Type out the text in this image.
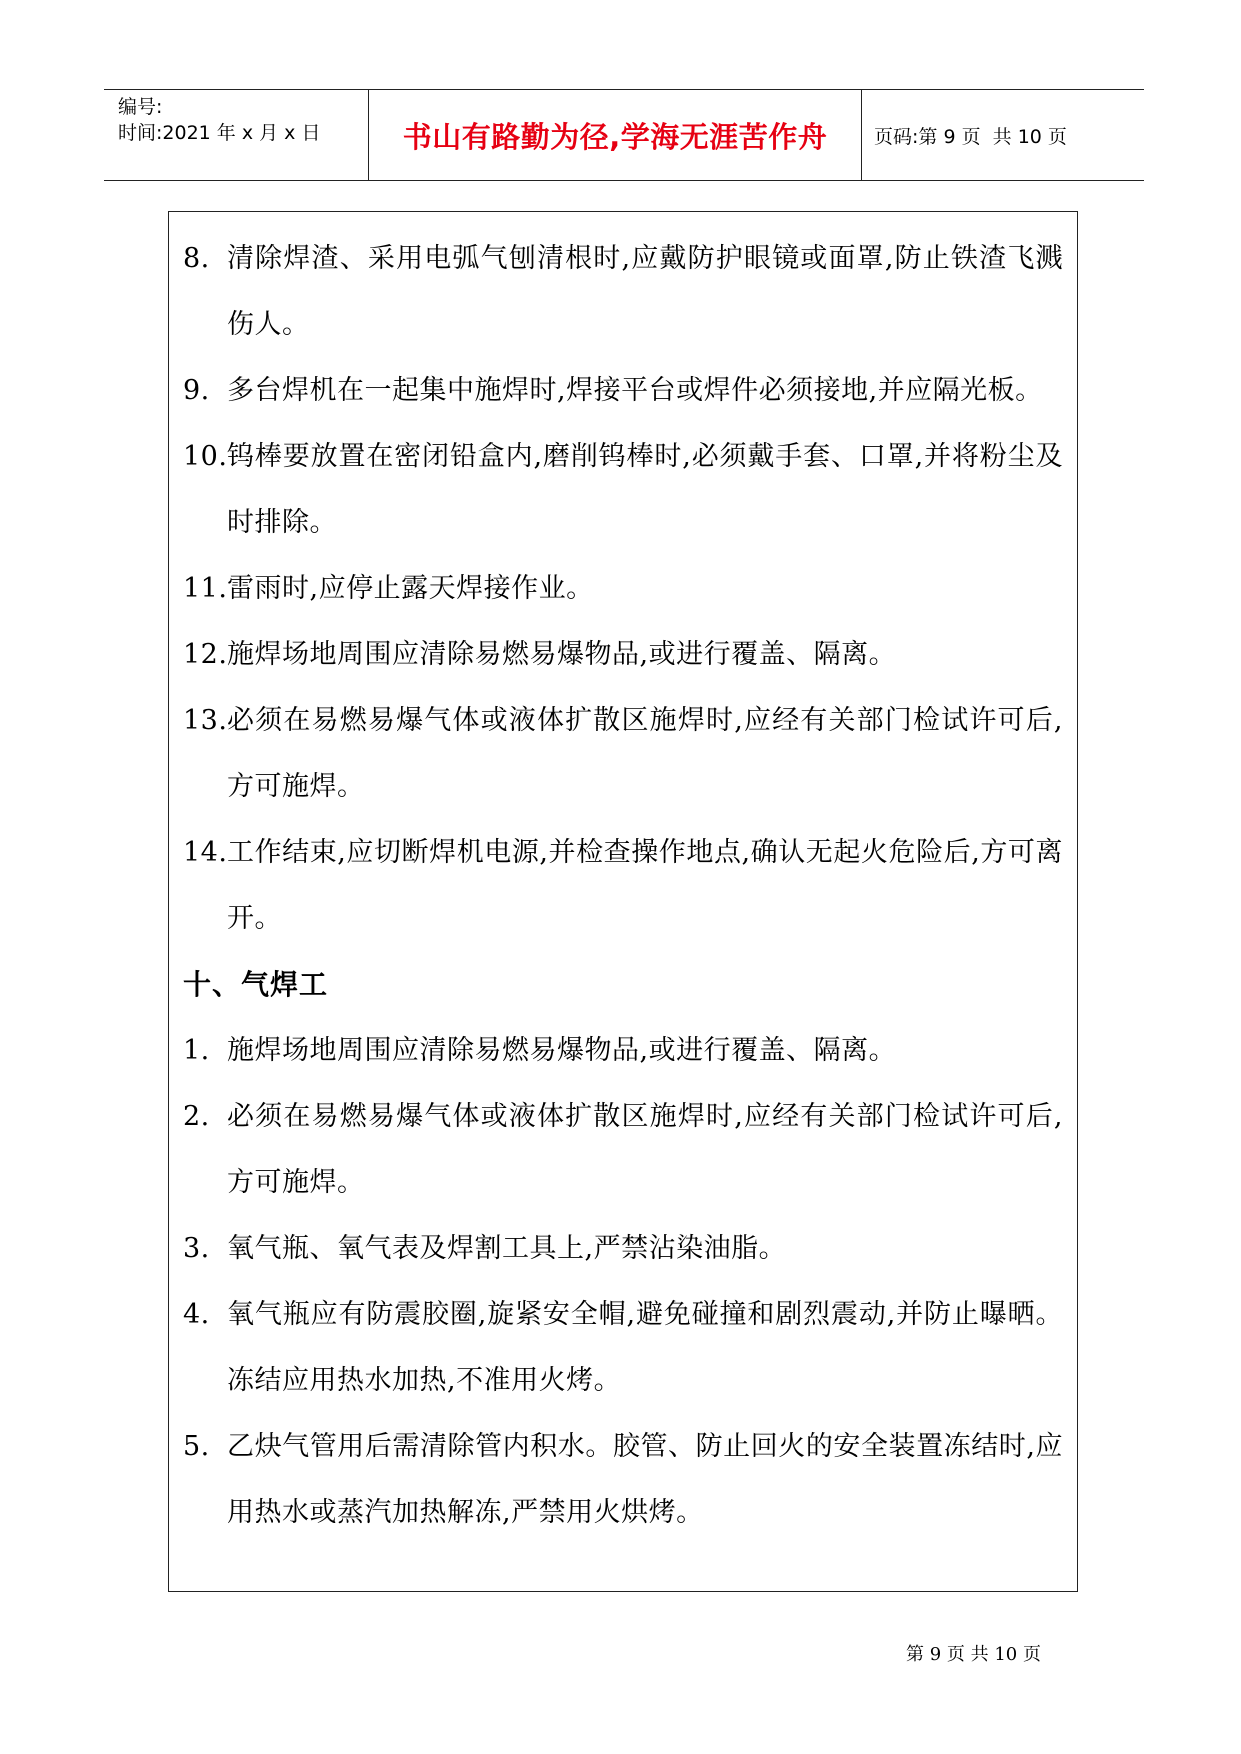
编号:
时间:2021 年 x 月 x 日	书山有路勤为径,学海无涯苦作舟	页码:第 9 页  共 10 页
8. 清除焊渣、采用电弧气刨清根时,应戴防护眼镜或面罩,防止铁渣飞溅伤人。
9. 多台焊机在一起集中施焊时,焊接平台或焊件必须接地,并应隔光板。
10. 钨棒要放置在密闭铅盒内,磨削钨棒时,必须戴手套、口罩,并将粉尘及时排除。
11. 雷雨时,应停止露天焊接作业。
12. 施焊场地周围应清除易燃易爆物品,或进行覆盖、隔离。
13. 必须在易燃易爆气体或液体扩散区施焊时,应经有关部门检试许可后,方可施焊。
14. 工作结束,应切断焊机电源,并检查操作地点,确认无起火危险后,方可离开。
十、气焊工
1. 施焊场地周围应清除易燃易爆物品,或进行覆盖、隔离。
2. 必须在易燃易爆气体或液体扩散区施焊时,应经有关部门检试许可后,方可施焊。
3. 氧气瓶、氧气表及焊割工具上,严禁沾染油脂。
4. 氧气瓶应有防震胶圈,旋紧安全帽,避免碰撞和剧烈震动,并防止曝晒。冻结应用热水加热,不准用火烤。
5. 乙炔气管用后需清除管内积水。胶管、防止回火的安全装置冻结时,应用热水或蒸汽加热解冻,严禁用火烘烤。
第 9 页 共 10 页
